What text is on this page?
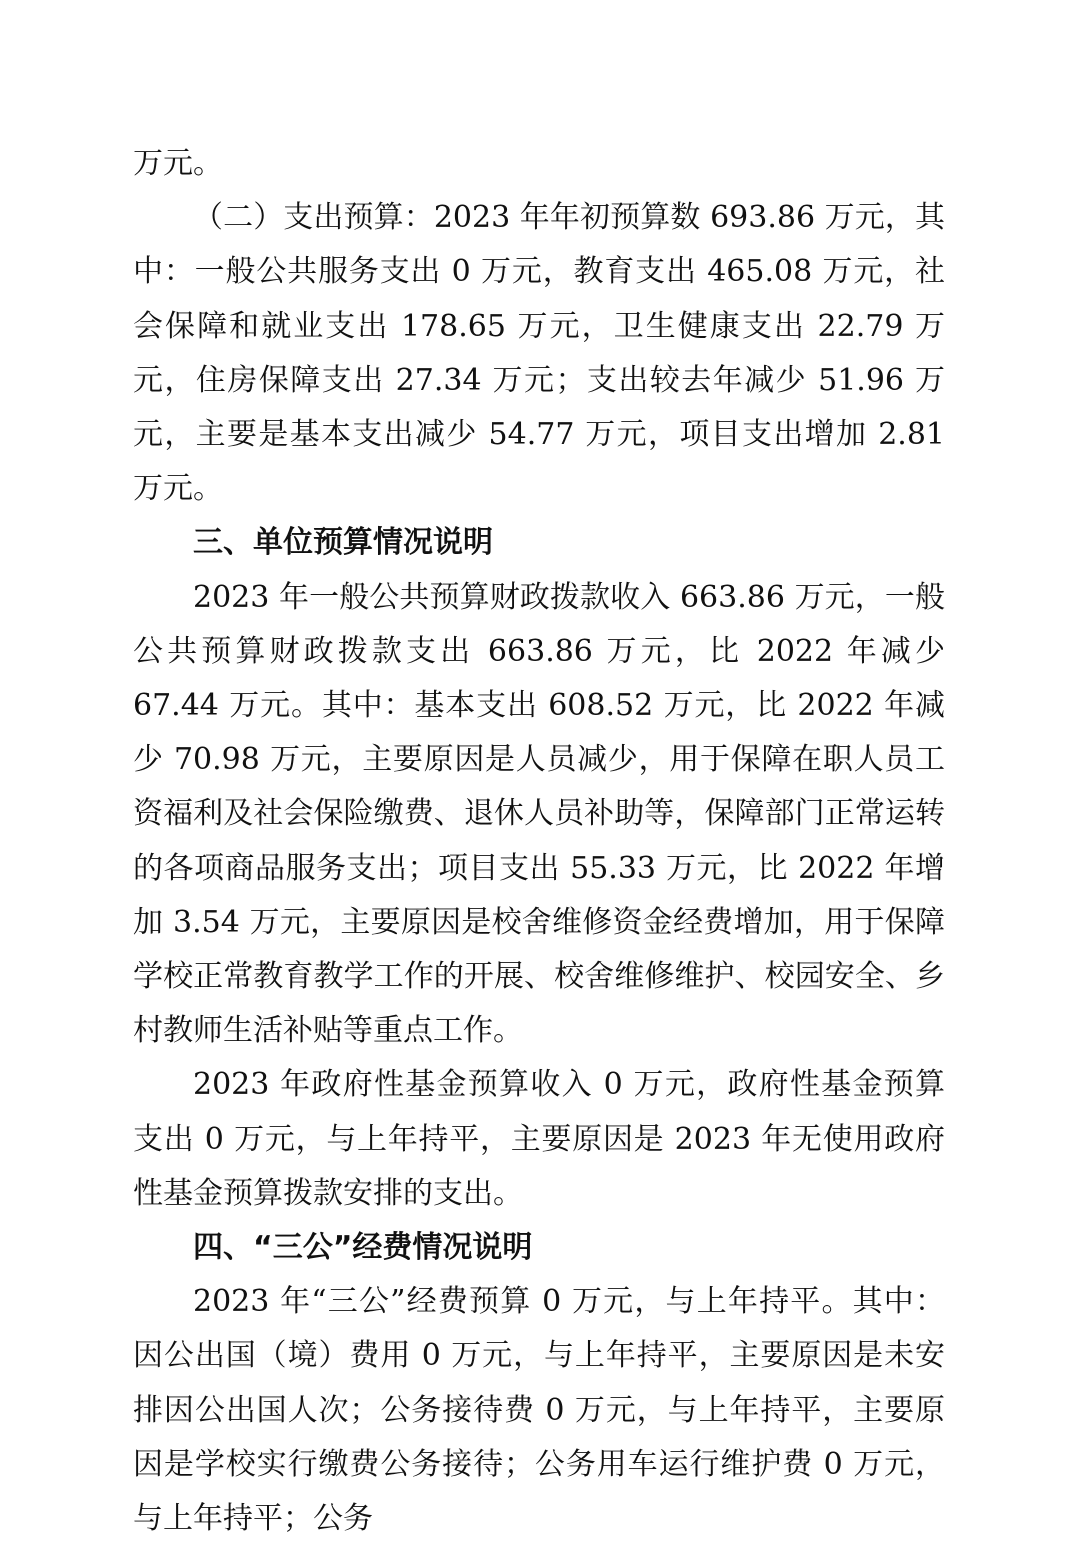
万元。

（二）支出预算：2023 年年初预算数 693.86 万元，其中：一般公共服务支出 0 万元，教育支出 465.08 万元，社会保障和就业支出 178.65 万元，卫生健康支出 22.79 万元，住房保障支出 27.34 万元；支出较去年减少 51.96 万元，主要是基本支出减少 54.77 万元，项目支出增加 2.81 万元。

三、单位预算情况说明

2023 年一般公共预算财政拨款收入 663.86 万元，一般公共预算财政拨款支出 663.86 万元，比 2022 年减少 67.44 万元。其中：基本支出 608.52 万元，比 2022 年减少 70.98 万元，主要原因是人员减少，用于保障在职人员工资福利及社会保险缴费、退休人员补助等，保障部门正常运转的各项商品服务支出；项目支出 55.33 万元，比 2022 年增加 3.54 万元，主要原因是校舍维修资金经费增加，用于保障学校正常教育教学工作的开展、校舍维修维护、校园安全、乡村教师生活补贴等重点工作。

2023 年政府性基金预算收入 0 万元，政府性基金预算支出 0 万元，与上年持平，主要原因是 2023 年无使用政府性基金预算拨款安排的支出。

四、“三公”经费情况说明

2023 年“三公”经费预算 0 万元，与上年持平。其中：因公出国（境）费用 0 万元，与上年持平，主要原因是未安排因公出国人次；公务接待费 0 万元，与上年持平，主要原因是学校实行缴费公务接待；公务用车运行维护费 0 万元，与上年持平；公务
